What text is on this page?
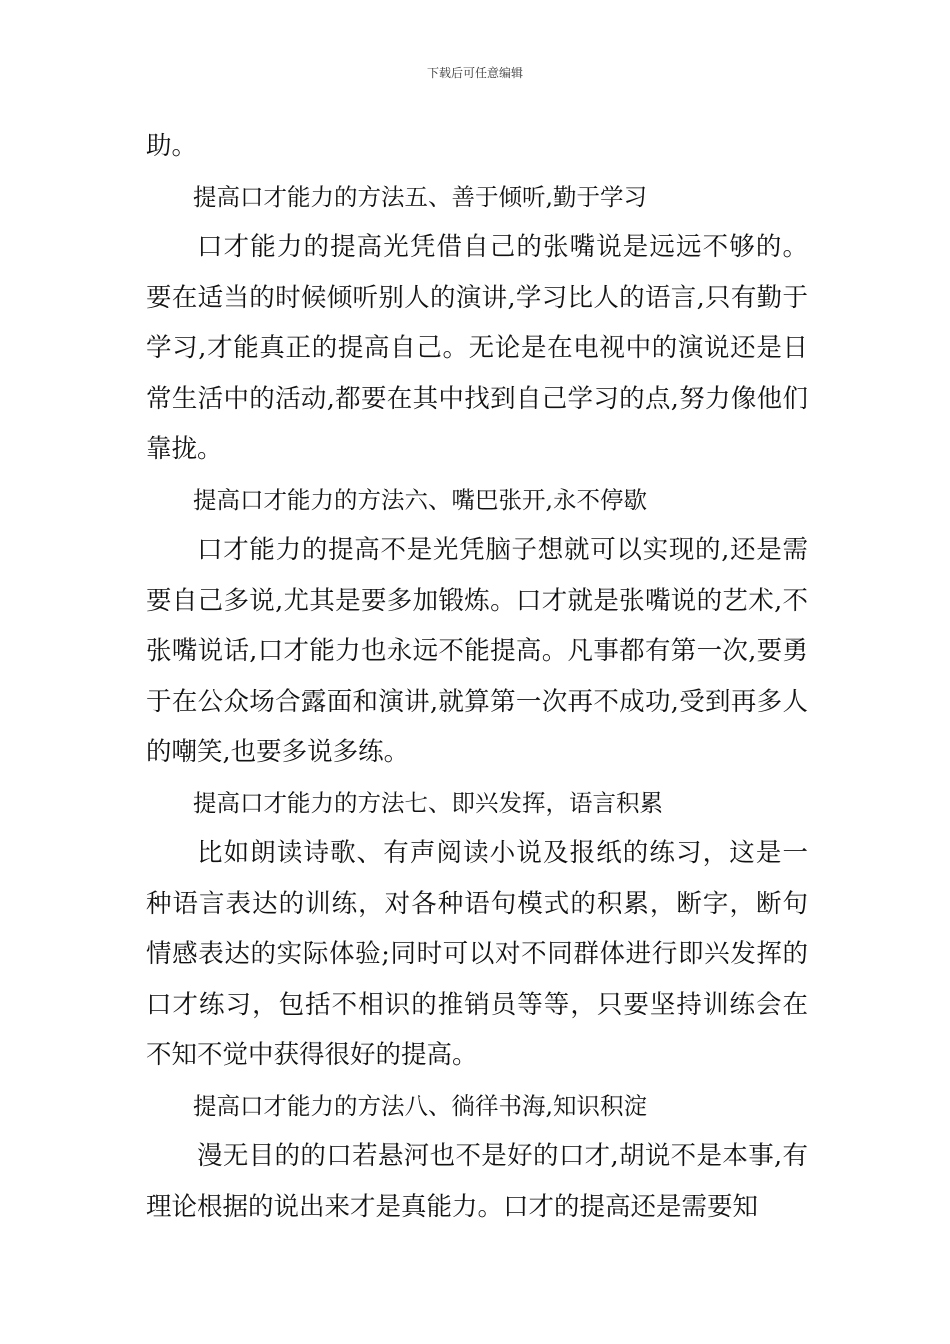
下载后可任意编辑

助。

提高口才能力的方法五、善于倾听,勤于学习

口才能力的提高光凭借自己的张嘴说是远远不够的。要在适当的时候倾听别人的演讲,学习比人的语言,只有勤于学习,才能真正的提高自己。无论是在电视中的演说还是日常生活中的活动,都要在其中找到自己学习的点,努力像他们靠拢。

提高口才能力的方法六、嘴巴张开,永不停歇

口才能力的提高不是光凭脑子想就可以实现的,还是需要自己多说,尤其是要多加锻炼。口才就是张嘴说的艺术,不张嘴说话,口才能力也永远不能提高。凡事都有第一次,要勇于在公众场合露面和演讲,就算第一次再不成功,受到再多人的嘲笑,也要多说多练。

提高口才能力的方法七、即兴发挥，语言积累

比如朗读诗歌、有声阅读小说及报纸的练习，这是一种语言表达的训练，对各种语句模式的积累，断字，断句情感表达的实际体验;同时可以对不同群体进行即兴发挥的口才练习，包括不相识的推销员等等，只要坚持训练会在不知不觉中获得很好的提高。

提高口才能力的方法八、徜徉书海,知识积淀

漫无目的的口若悬河也不是好的口才,胡说不是本事,有理论根据的说出来才是真能力。口才的提高还是需要知
